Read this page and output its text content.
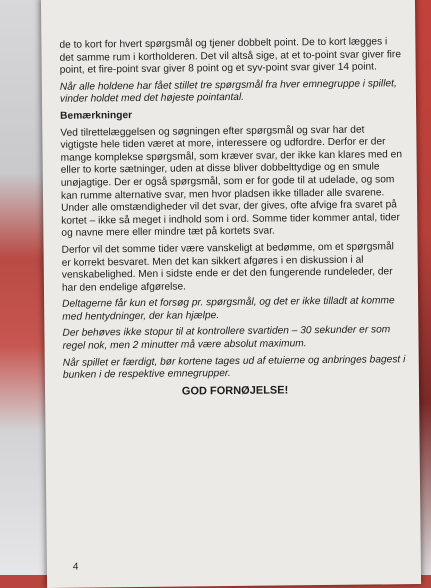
de to kort for hvert spørgsmål og tjener dobbelt point. De to kort lægges i det samme rum i kortholderen. Det vil altså sige, at et to-point svar giver fire point, et fire-point svar giver 8 point og et syv-point svar giver 14 point.

Når alle holdene har fået stillet tre spørgsmål fra hver emnegruppe i spillet, vinder holdet med det højeste pointantal.

Bemærkninger

Ved tilrettelæggelsen og søgningen efter spørgsmål og svar har det vigtigste hele tiden været at more, interessere og udfordre. Derfor er der mange komplekse spørgsmål, som kræver svar, der ikke kan klares med en eller to korte sætninger, uden at disse bliver dobbelttydige og en smule unøjagtige. Der er også spørgsmål, som er for gode til at udelade, og som kan rumme alternative svar, men hvor pladsen ikke tillader alle svarene. Under alle omstændigheder vil det svar, der gives, ofte afvige fra svaret på kortet – ikke så meget i indhold som i ord. Somme tider kommer antal, tider og navne mere eller mindre tæt på kortets svar.

Derfor vil det somme tider være vanskeligt at bedømme, om et spørgsmål er korrekt besvaret. Men det kan sikkert afgøres i en diskussion i al venskabelighed. Men i sidste ende er det den fungerende rundeleder, der har den endelige afgørelse.

Deltagerne får kun et forsøg pr. spørgsmål, og det er ikke tilladt at komme med hentydninger, der kan hjælpe.

Der behøves ikke stopur til at kontrollere svartiden – 30 sekunder er som regel nok, men 2 minutter må være absolut maximum.

Når spillet er færdigt, bør kortene tages ud af etuierne og anbringes bagest i bunken i de respektive emnegrupper.

GOD FORNØJELSE!

4
